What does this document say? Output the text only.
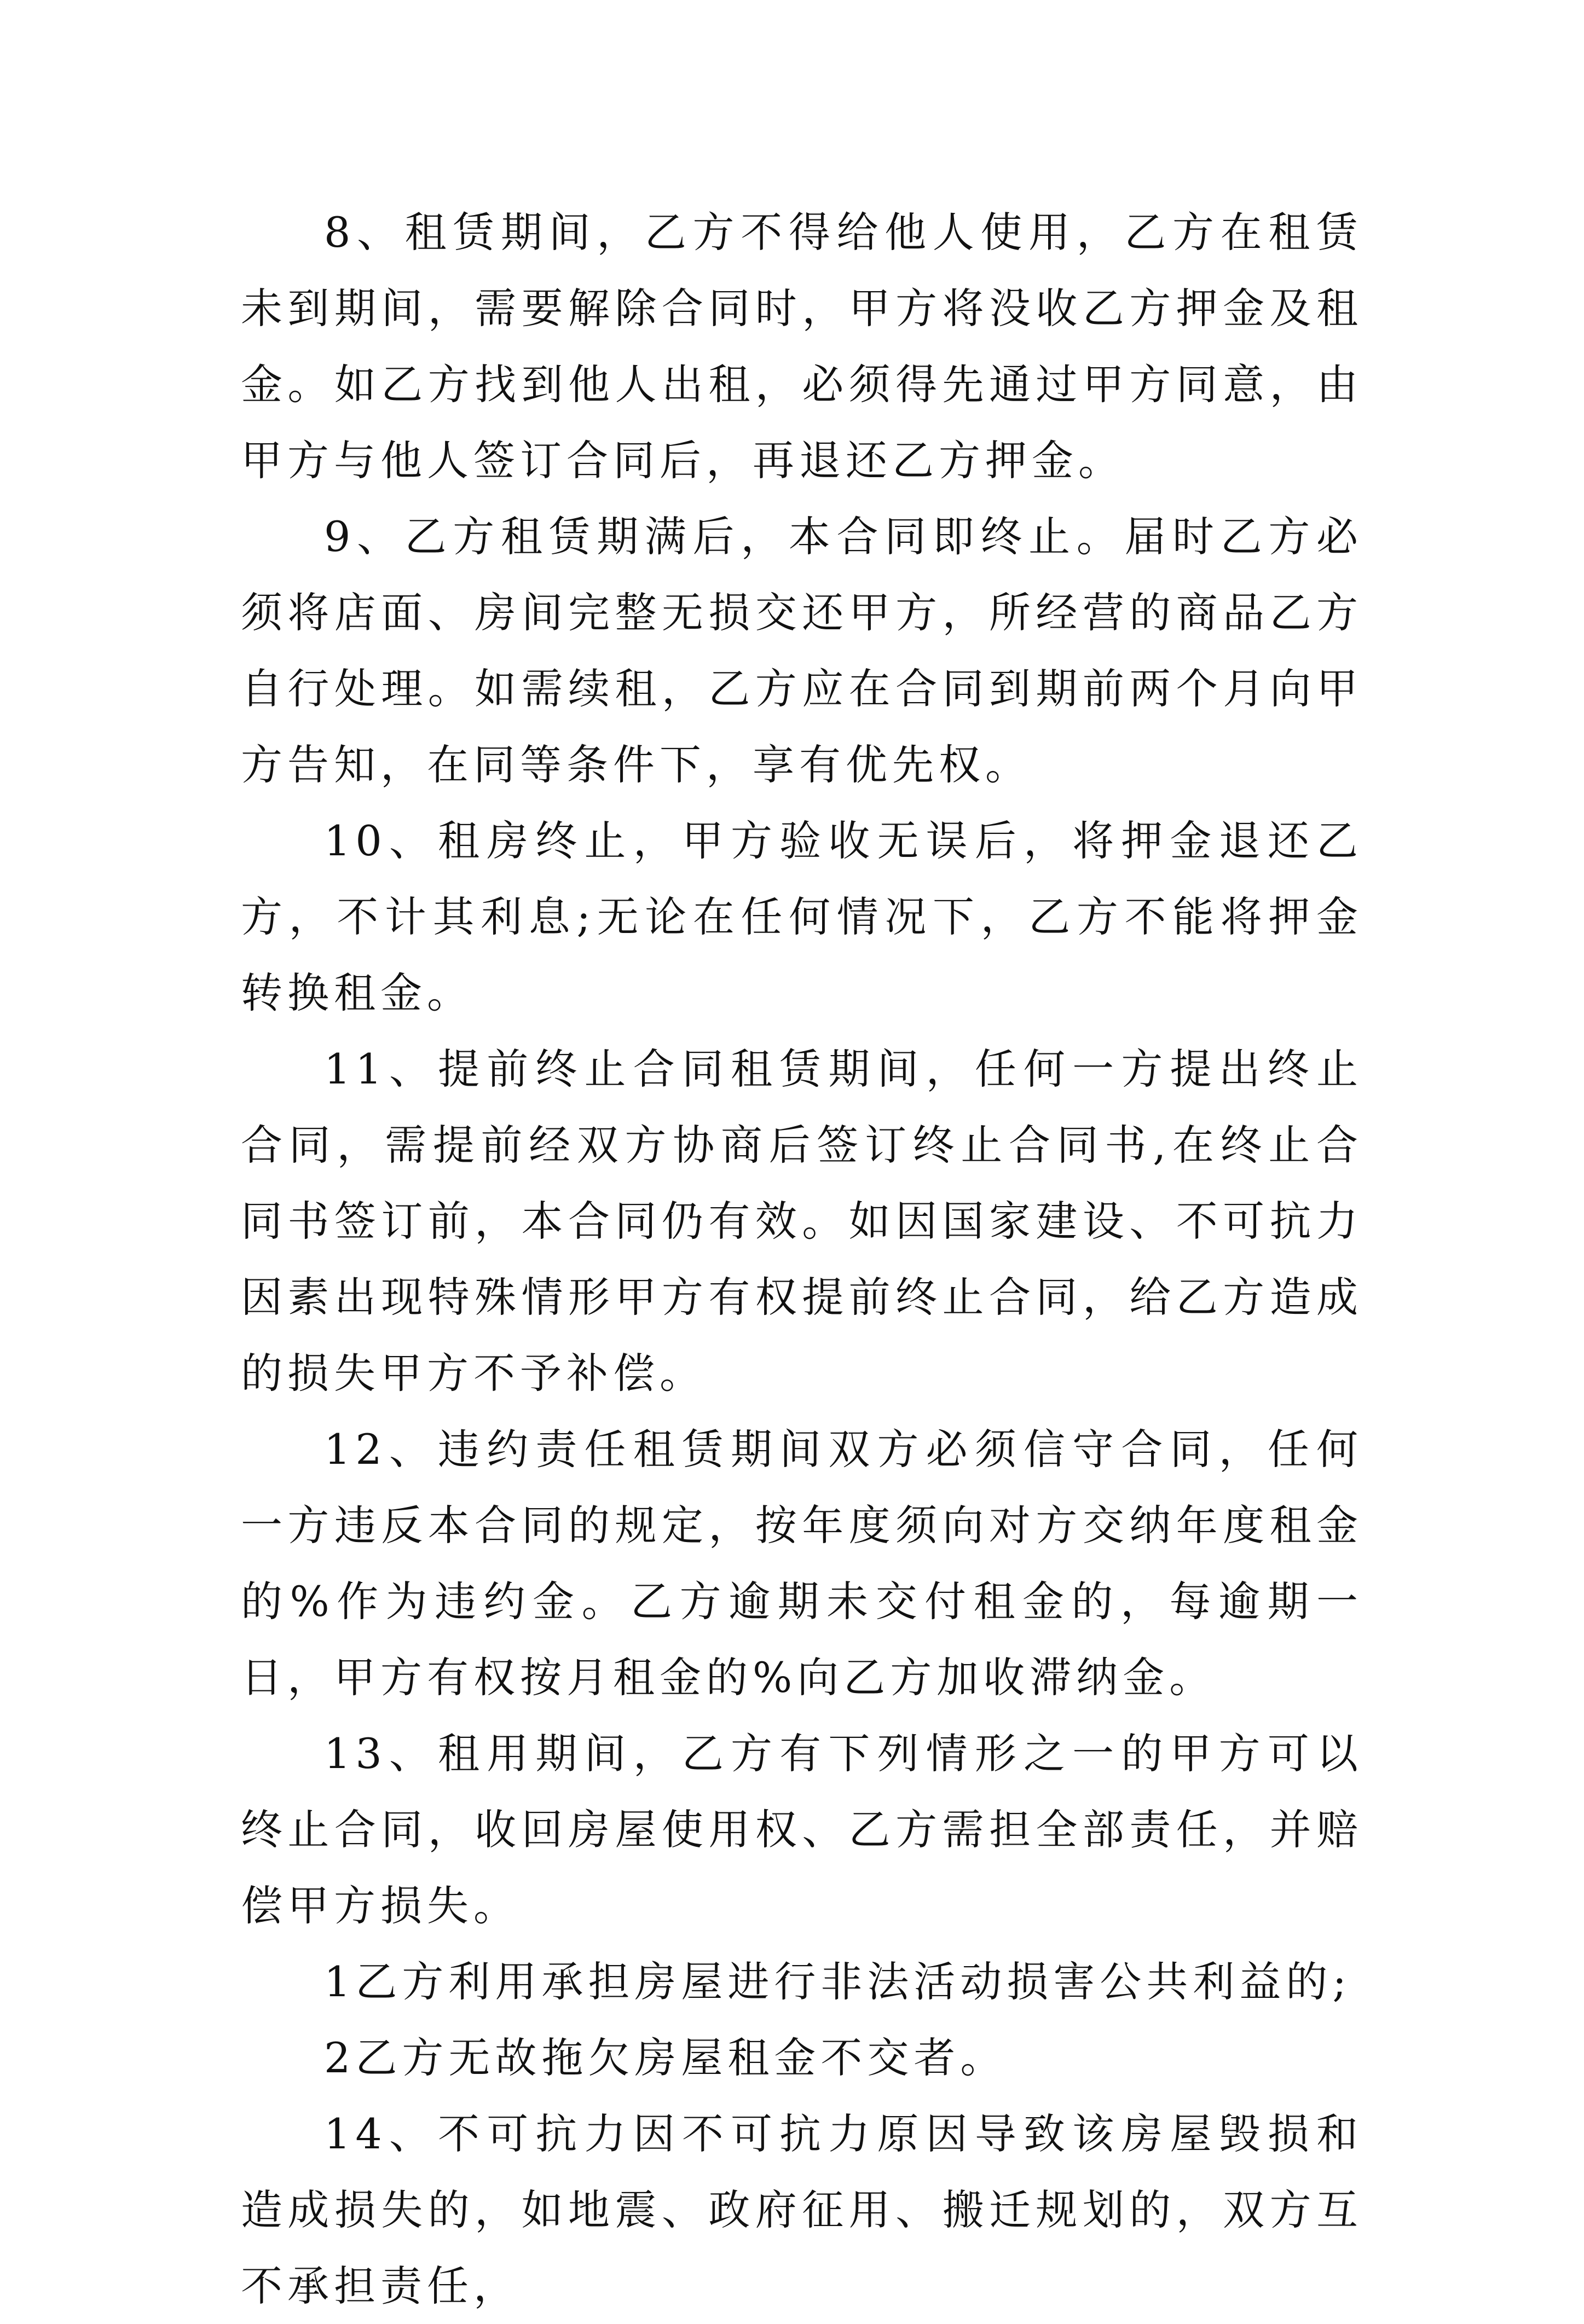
8、租赁期间，乙方不得给他人使用，乙方在租赁未到期间，需要解除合同时，甲方将没收乙方押金及租金。如乙方找到他人出租，必须得先通过甲方同意，由甲方与他人签订合同后，再退还乙方押金。

9、乙方租赁期满后，本合同即终止。届时乙方必须将店面、房间完整无损交还甲方，所经营的商品乙方自行处理。如需续租，乙方应在合同到期前两个月向甲方告知，在同等条件下，享有优先权。

10、租房终止，甲方验收无误后，将押金退还乙方，不计其利息;无论在任何情况下，乙方不能将押金转换租金。

11、提前终止合同租赁期间，任何一方提出终止合同，需提前经双方协商后签订终止合同书,在终止合同书签订前，本合同仍有效。如因国家建设、不可抗力因素出现特殊情形甲方有权提前终止合同，给乙方造成的损失甲方不予补偿。

12、违约责任租赁期间双方必须信守合同，任何一方违反本合同的规定，按年度须向对方交纳年度租金的%作为违约金。乙方逾期未交付租金的，每逾期一日，甲方有权按月租金的%向乙方加收滞纳金。

13、租用期间，乙方有下列情形之一的甲方可以终止合同，收回房屋使用权、乙方需担全部责任，并赔偿甲方损失。

1乙方利用承担房屋进行非法活动损害公共利益的;

2乙方无故拖欠房屋租金不交者。

14、不可抗力因不可抗力原因导致该房屋毁损和造成损失的，如地震、政府征用、搬迁规划的，双方互不承担责任，
